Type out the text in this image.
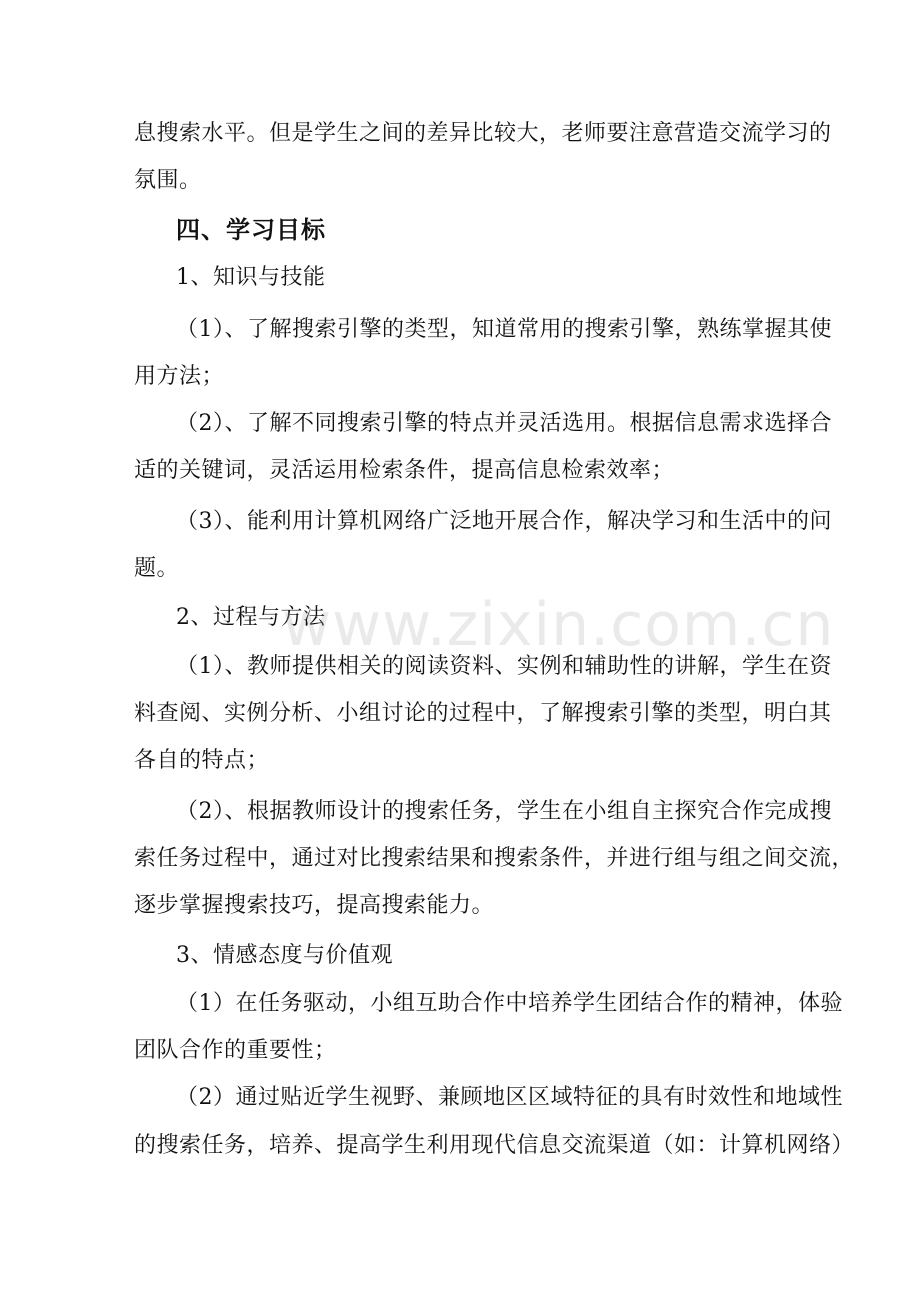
息搜索水平。但是学生之间的差异比较大，老师要注意营造交流学习的
氛围。
四、学习目标
1、知识与技能
（1）、了解搜索引擎的类型，知道常用的搜索引擎，熟练掌握其使
用方法；
（2）、了解不同搜索引擎的特点并灵活选用。根据信息需求选择合
适的关键词，灵活运用检索条件，提高信息检索效率；
（3）、能利用计算机网络广泛地开展合作，解决学习和生活中的问
题。
2、过程与方法
（1）、教师提供相关的阅读资料、实例和辅助性的讲解，学生在资
料查阅、实例分析、小组讨论的过程中，了解搜索引擎的类型，明白其
各自的特点；
（2）、根据教师设计的搜索任务，学生在小组自主探究合作完成搜
索任务过程中，通过对比搜索结果和搜索条件，并进行组与组之间交流，
逐步掌握搜索技巧，提高搜索能力。
3、情感态度与价值观
（1）在任务驱动，小组互助合作中培养学生团结合作的精神，体验
团队合作的重要性；
（2）通过贴近学生视野、兼顾地区区域特征的具有时效性和地域性
的搜索任务，培养、提高学生利用现代信息交流渠道（如：计算机网络）
www.zixin.com.cn
